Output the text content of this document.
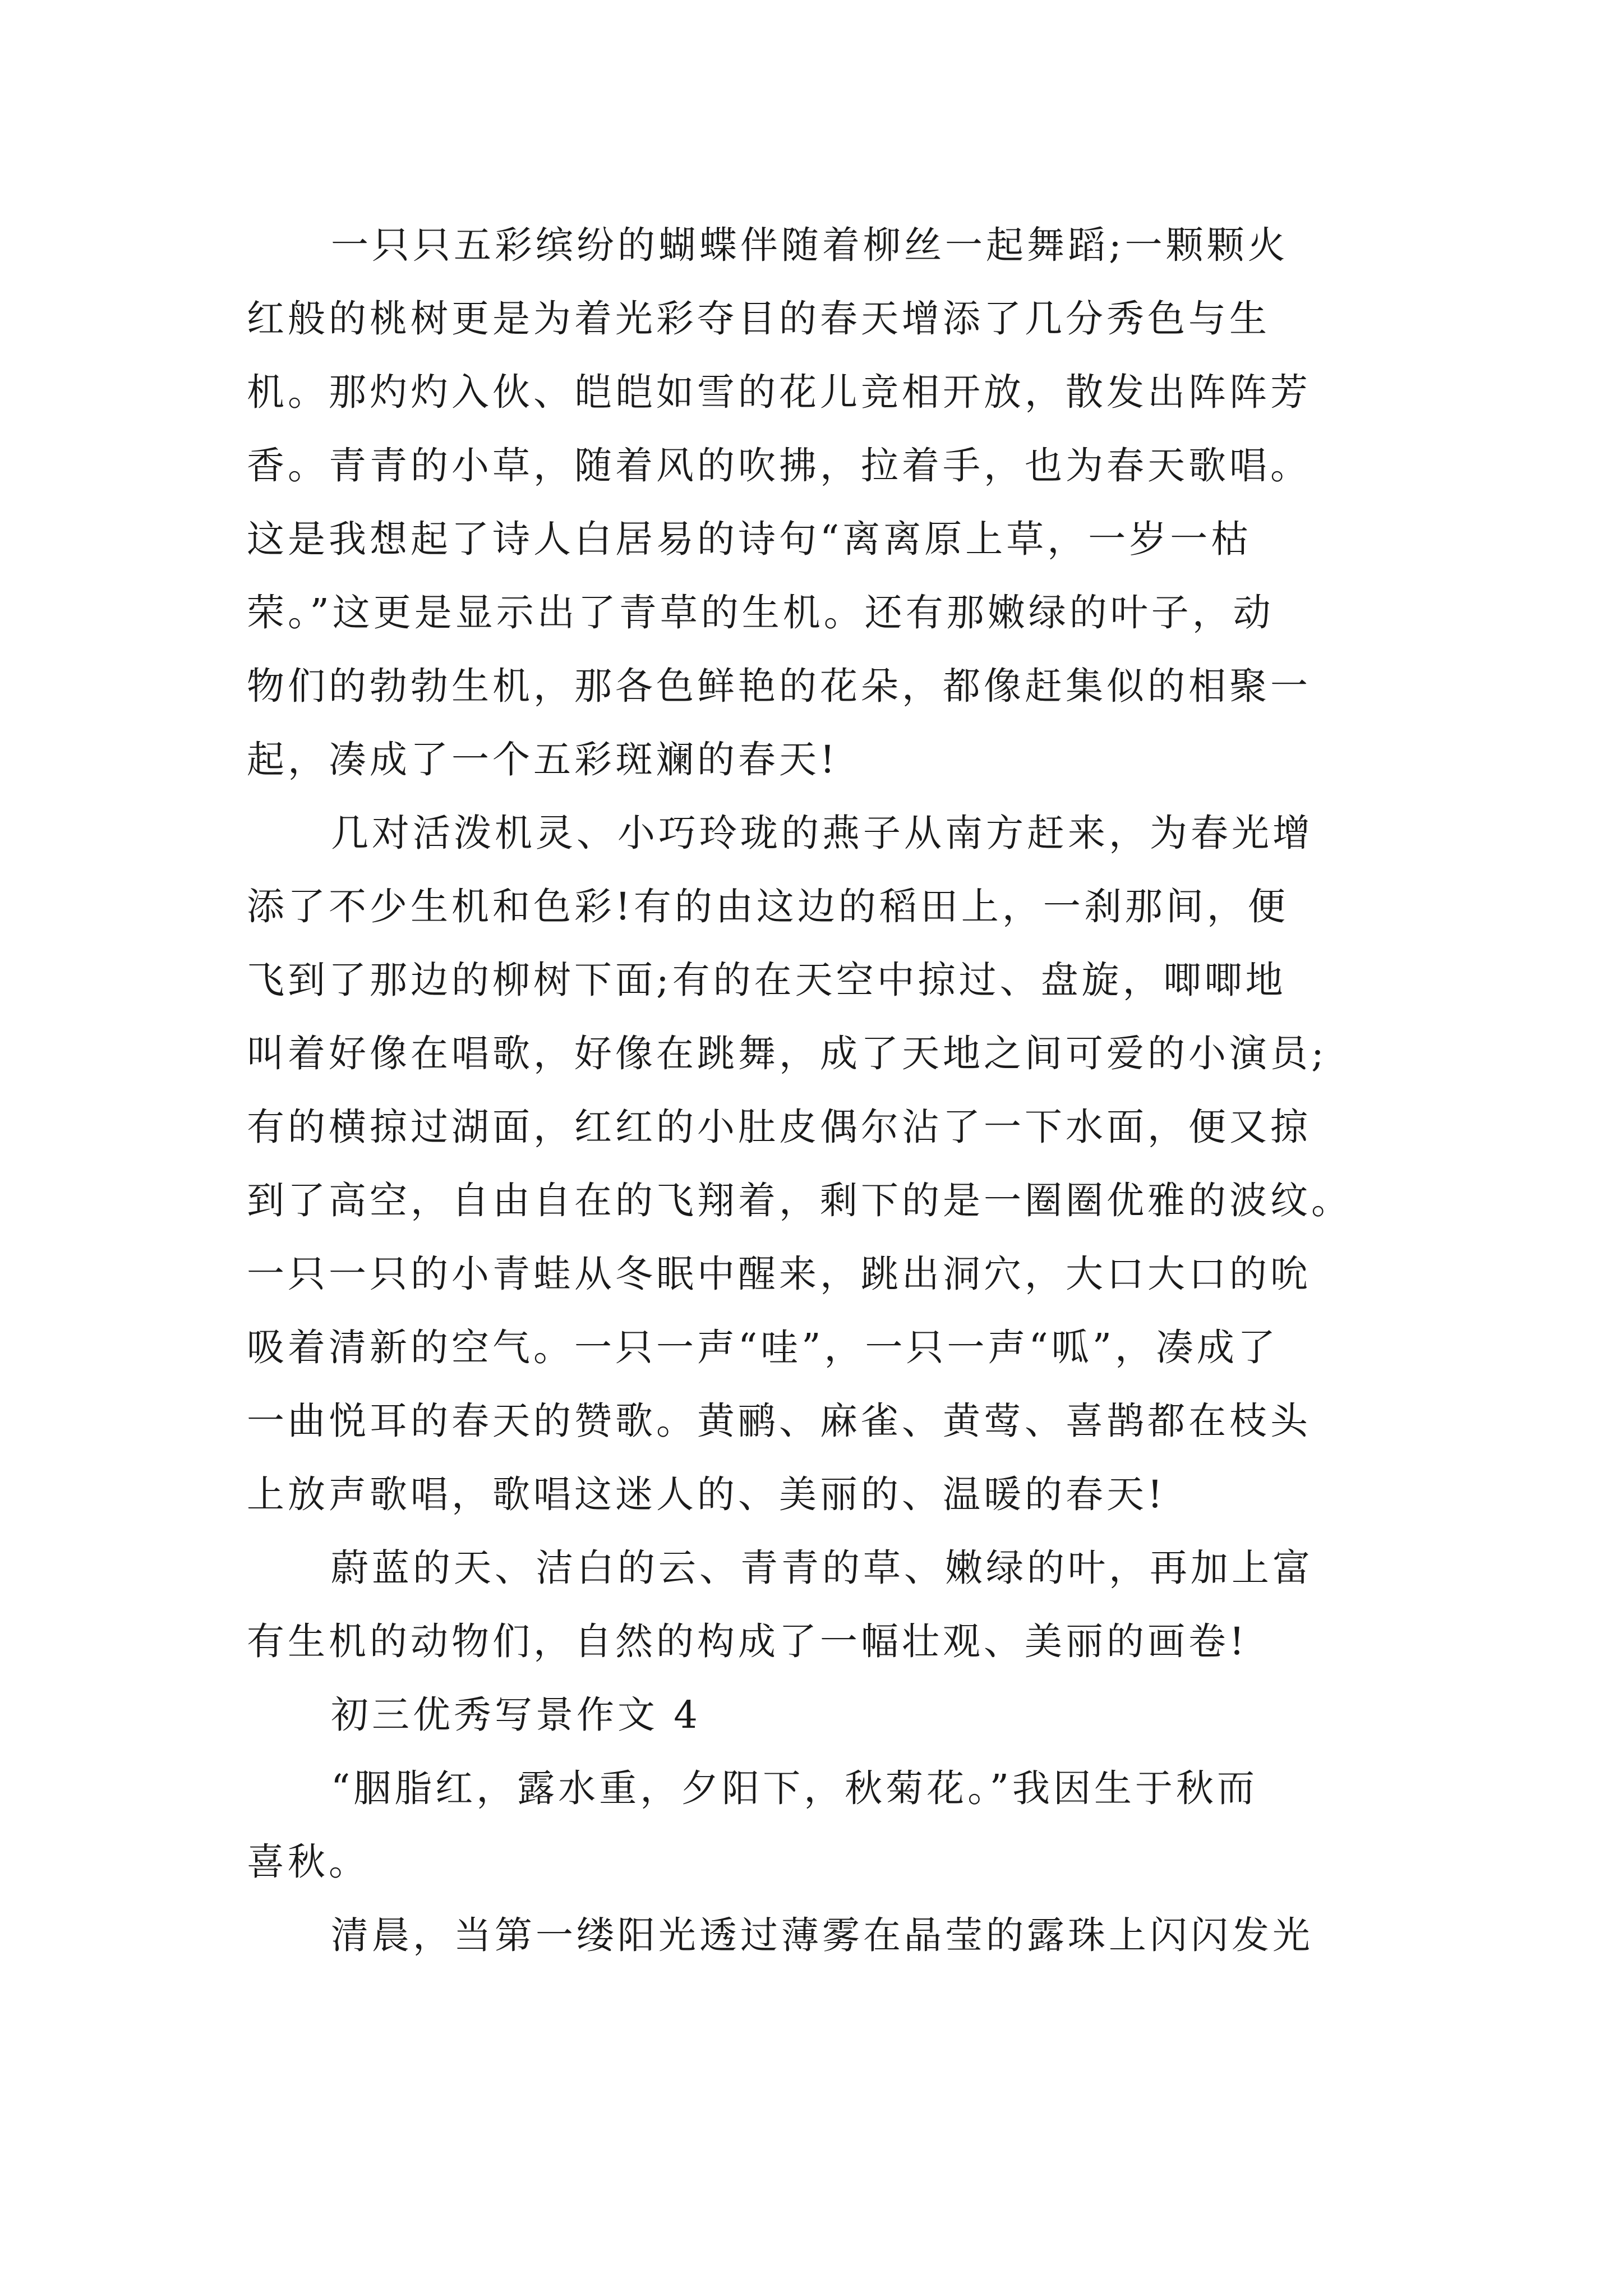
一只只五彩缤纷的蝴蝶伴随着柳丝一起舞蹈;一颗颗火
红般的桃树更是为着光彩夺目的春天增添了几分秀色与生
机。那灼灼入伙、皑皑如雪的花儿竞相开放，散发出阵阵芳
香。青青的小草，随着风的吹拂，拉着手，也为春天歌唱。
这是我想起了诗人白居易的诗句“离离原上草，一岁一枯
荣。”这更是显示出了青草的生机。还有那嫩绿的叶子，动
物们的勃勃生机，那各色鲜艳的花朵，都像赶集似的相聚一
起，凑成了一个五彩斑斓的春天!
几对活泼机灵、小巧玲珑的燕子从南方赶来，为春光增
添了不少生机和色彩!有的由这边的稻田上，一刹那间，便
飞到了那边的柳树下面;有的在天空中掠过、盘旋，唧唧地
叫着好像在唱歌，好像在跳舞，成了天地之间可爱的小演员;
有的横掠过湖面，红红的小肚皮偶尔沾了一下水面，便又掠
到了高空，自由自在的飞翔着，剩下的是一圈圈优雅的波纹。
一只一只的小青蛙从冬眠中醒来，跳出洞穴，大口大口的吮
吸着清新的空气。一只一声“哇”，一只一声“呱”，凑成了
一曲悦耳的春天的赞歌。黄鹂、麻雀、黄莺、喜鹊都在枝头
上放声歌唱，歌唱这迷人的、美丽的、温暖的春天!
蔚蓝的天、洁白的云、青青的草、嫩绿的叶，再加上富
有生机的动物们，自然的构成了一幅壮观、美丽的画卷!
初三优秀写景作文 4
“胭脂红，露水重，夕阳下，秋菊花。”我因生于秋而
喜秋。
清晨，当第一缕阳光透过薄雾在晶莹的露珠上闪闪发光
